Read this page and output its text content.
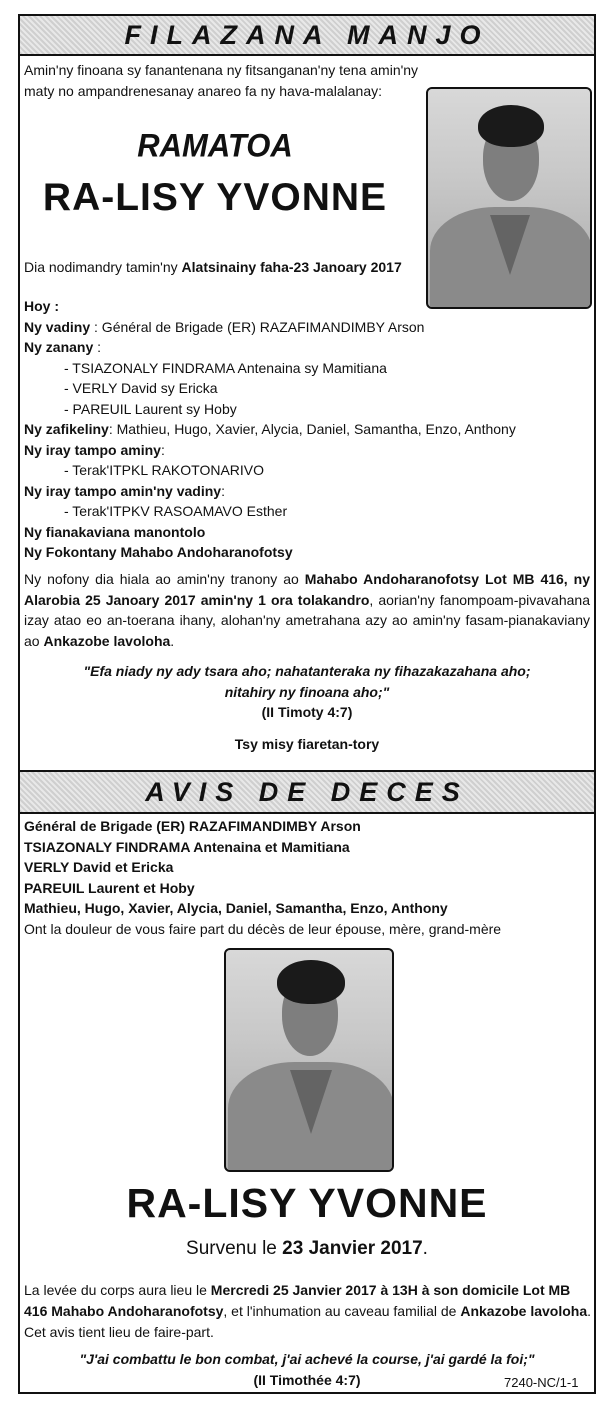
FILAZANA MANJO

Amin'ny finoana sy fanantenana ny fitsanganan'ny tena amin'ny maty no ampandrenesanay anareo fa ny hava-malalanay:

RAMATOA
RA-LISY YVONNE

Dia nodimandry tamin'ny Alatsinainy faha-23 Janoary 2017

Hoy :

Ny vadiny : Général de Brigade (ER) RAZAFIMANDIMBY Arson

Ny zanany :

- TSIAZONALY FINDRAMA Antenaina sy Mamitiana

- VERLY David sy Ericka

- PAREUIL Laurent sy Hoby

Ny zafikeliny: Mathieu, Hugo, Xavier, Alycia, Daniel, Samantha, Enzo, Anthony

Ny iray tampo aminy:

- Terak'ITPKL RAKOTONARIVO

Ny iray tampo amin'ny vadiny:

- Terak'ITPKV RASOAMAVO Esther

Ny fianakaviana manontolo

Ny Fokontany Mahabo Andoharanofotsy

Ny nofony dia hiala ao amin'ny tranony ao Mahabo Andoharanofotsy Lot MB 416, ny Alarobia 25 Janoary 2017 amin'ny 1 ora tolakandro, aorian'ny fanompoam-pivavahana izay atao eo an-toerana ihany, alohan'ny ametrahana azy ao amin'ny fasam-pianakaviany ao Ankazobe lavoloha.

"Efa niady ny ady tsara aho; nahatanteraka ny fihazakazahana aho;

nitahiry ny finoana aho;"

(II Timoty 4:7)

Tsy misy fiaretan-tory

AVIS DE DECES

Général de Brigade (ER) RAZAFIMANDIMBY Arson

TSIAZONALY FINDRAMA Antenaina et Mamitiana

VERLY David et Ericka

PAREUIL Laurent et Hoby

Mathieu, Hugo, Xavier, Alycia, Daniel, Samantha, Enzo, Anthony

Ont la douleur de vous faire part du décès de leur épouse, mère, grand-mère

RA-LISY YVONNE
Survenu le 23 Janvier 2017.

La levée du corps aura lieu le Mercredi 25 Janvier 2017 à 13H à son domicile Lot MB 416 Mahabo Andoharanofotsy, et l'inhumation au caveau familial de Ankazobe lavoloha.

Cet avis tient lieu de faire-part.

"J'ai combattu le bon combat, j'ai achevé la course, j'ai gardé la foi;"

(II Timothée 4:7)	7240-NC/1-1
